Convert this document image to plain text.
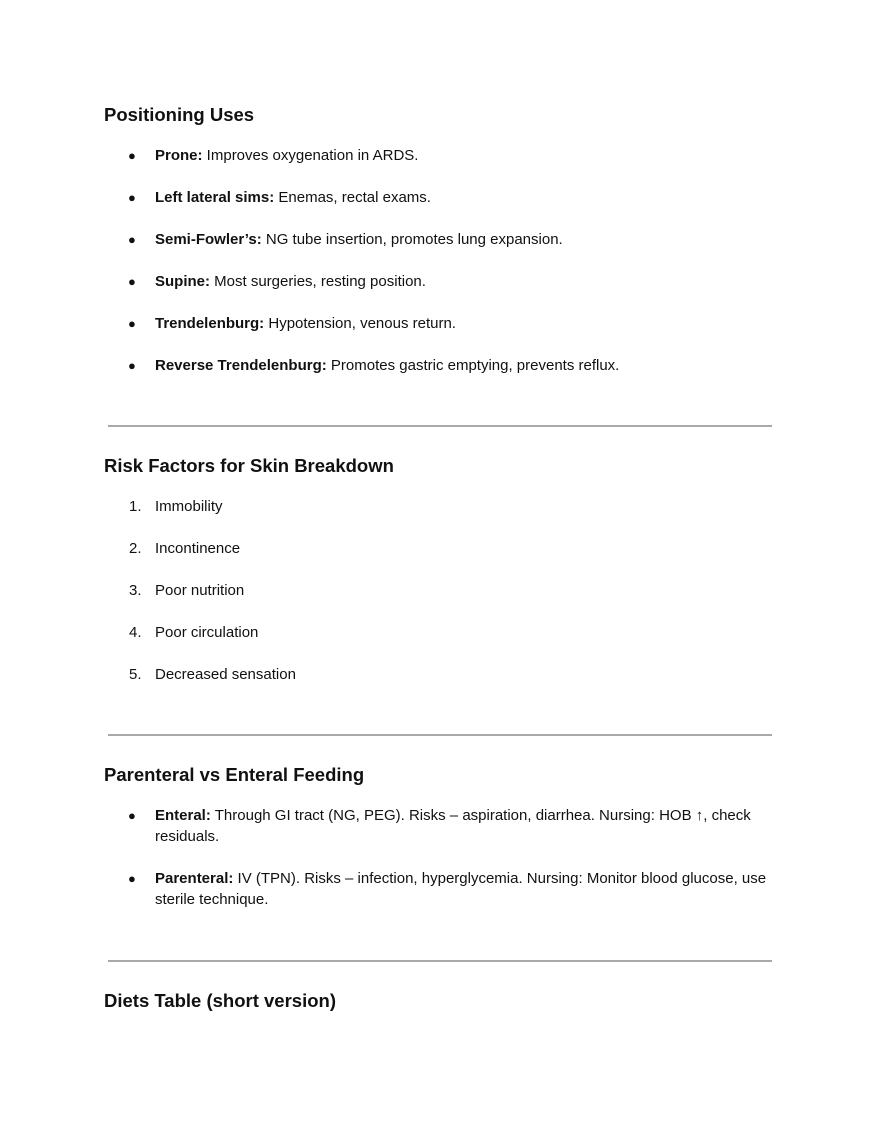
Positioning Uses
●	Prone: Improves oxygenation in ARDS.
●	Left lateral sims: Enemas, rectal exams.
●	Semi-Fowler’s: NG tube insertion, promotes lung expansion.
●	Supine: Most surgeries, resting position.
●	Trendelenburg: Hypotension, venous return.
●	Reverse Trendelenburg: Promotes gastric emptying, prevents reflux.
Risk Factors for Skin Breakdown
1. Immobility
2. Incontinence
3. Poor nutrition
4. Poor circulation
5. Decreased sensation
Parenteral vs Enteral Feeding
●	Enteral: Through GI tract (NG, PEG). Risks – aspiration, diarrhea. Nursing: HOB ↑, check residuals.
●	Parenteral: IV (TPN). Risks – infection, hyperglycemia. Nursing: Monitor blood glucose, use sterile technique.
Diets Table (short version)
